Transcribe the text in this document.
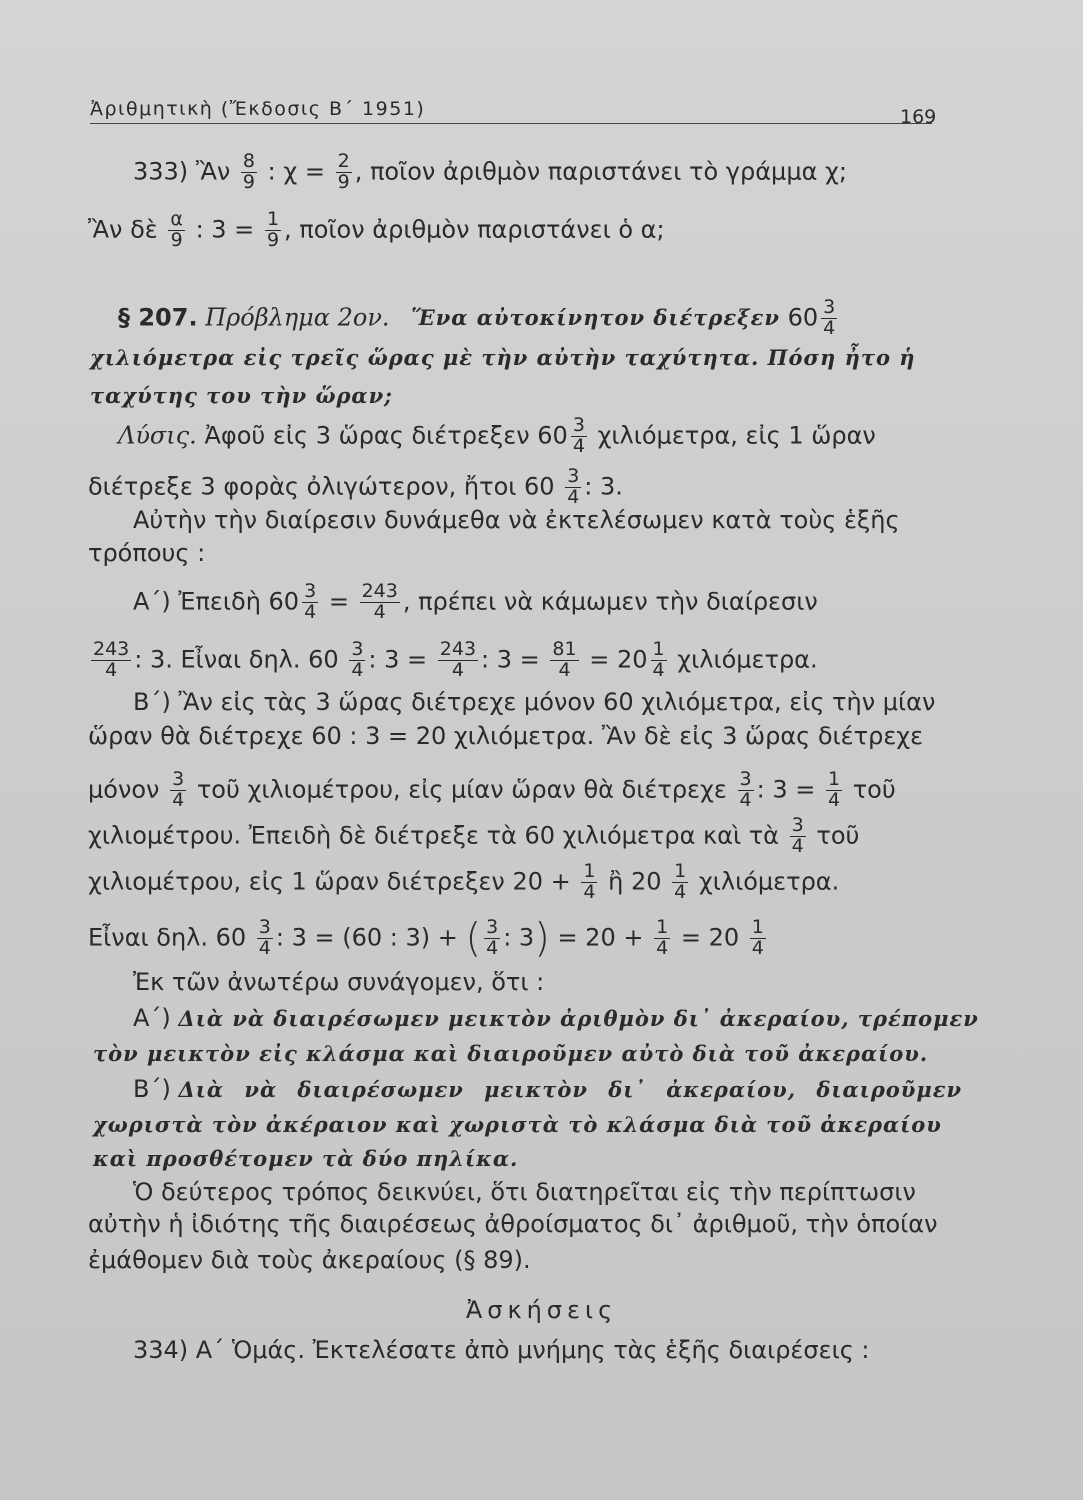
Ἀριθμητικὴ (Ἔκδοσις Β΄ 1951)	169
333) Ἂν $\frac{8}{9}$ : $\chi = \frac{2}{9}$ , ποῖον ἀριθμὸν παριστάνει τὸ γράμμα χ;
Ἂν δὲ $\frac{\alpha}{9}$ : $3 = \frac{1}{9}$ , ποῖον ἀριθμὸν παριστάνει ὁ α;
§ 207. Πρόβλημα 2ον. Ἕνα αὐτοκίνητον διέτρεξεν $60 \frac{3}{4}$
χιλιόμετρα εἰς τρεῖς ὥρας μὲ τὴν αὐτὴν ταχύτητα. Πόση ἦτο ἡ
ταχύτης του τὴν ὥραν;
Λύσις. Ἀφοῦ εἰς 3 ὥρας διέτρεξεν $60 \frac{3}{4} \chi\iota\lambda\iota ό\mu\varepsilon\tau\rho\alpha$, εἰς 1 ὥραν
διέτρεξε 3 φορὰς ὀλιγώτερον, ἤτοι $60 \frac{3}{4}$ : 3.
Αὐτὴν τὴν διαίρεσιν δυνάμεθα νὰ ἐκτελέσωμεν κατὰ τοὺς ἑξῆς
τρόπους :
Α΄) Ἐπειδὴ $60 \frac{3}{4} = \frac{243}{4}$ , πρέπει νὰ κάμωμεν τὴν διαίρεσιν
$\frac{243}{4}$ : 3. Εἶναι δηλ. $60 \frac{3}{4}$ : $3 = \frac{243}{4}$ : $3 = \frac{81}{4} = 20 \frac{1}{4} \chi\iota\lambda\iota ό\mu\varepsilon\tau\rho\alpha$.
Β΄) Ἂν εἰς τὰς 3 ὥρας διέτρεχε μόνον 60 χιλιόμετρα, εἰς τὴν μίαν
ὥραν θὰ διέτρεχε 60 : 3 = 20 χιλιόμετρα. Ἂν δὲ εἰς 3 ὥρας διέτρεχε
μόνον $\frac{3}{4}$ τοῦ χιλιομέτρου, εἰς μίαν ὥραν θὰ διέτρεχε $\frac{3}{4}$ : $3 = \frac{1}{4}$ τοῦ
χιλιομέτρου. Ἐπειδὴ δὲ διέτρεξε τὰ 60 χιλιόμετρα καὶ τὰ $\frac{3}{4}$ τοῦ
χιλιομέτρου, εἰς 1 ὥραν διέτρεξεν $20 + \frac{1}{4}$ ἢ $20 \frac{1}{4} \chi\iota\lambda\iota ό\mu\varepsilon\tau\rho\alpha$.
Εἶναι δηλ. $60 \frac{3}{4}$ : 3 = (60 : 3) + ( $\frac{3}{4}$ : $3) = 20 + \frac{1}{4} = 20 \frac{1}{4}$
Ἐκ τῶν ἀνωτέρω συνάγομεν, ὅτι :
Α΄) Διὰ νὰ διαιρέσωμεν μεικτὸν ἀριθμὸν δι᾽ ἀκεραίου, τρέπομεν
τὸν μεικτὸν εἰς κλάσμα καὶ διαιροῦμεν αὐτὸ διὰ τοῦ ἀκεραίου.
Β΄) Διὰ νὰ διαιρέσωμεν μεικτὸν δι᾽ ἀκεραίου, διαιροῦμεν
χωριστὰ τὸν ἀκέραιον καὶ χωριστὰ τὸ κλάσμα διὰ τοῦ ἀκεραίου
καὶ προσθέτομεν τὰ δύο πηλίκα.
Ὁ δεύτερος τρόπος δεικνύει, ὅτι διατηρεῖται εἰς τὴν περίπτωσιν
αὐτὴν ἡ ἰδιότης τῆς διαιρέσεως ἀθροίσματος δι᾽ ἀριθμοῦ, τὴν ὁποίαν
ἐμάθομεν διὰ τοὺς ἀκεραίους (§ 89).
Ἀσκήσεις
334) Α΄ Ὁμάς. Ἐκτελέσατε ἀπὸ μνήμης τὰς ἑξῆς διαιρέσεις :
